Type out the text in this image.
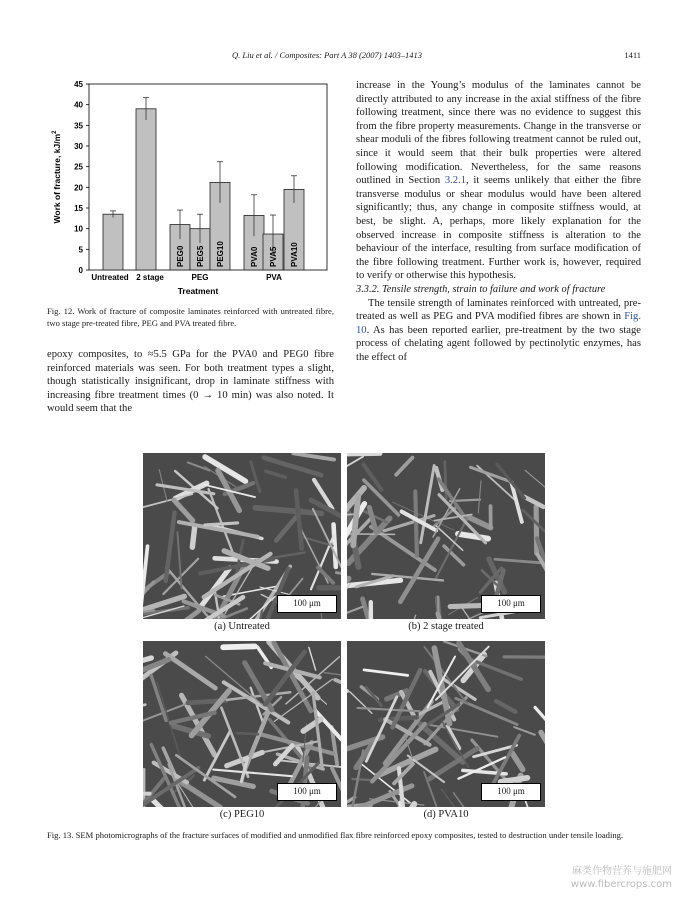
Q. Liu et al. / Composites: Part A 38 (2007) 1403–1413	1411
0
5
10
15
20
25
30
35
40
45
Work of fracture, $kJ/m^2$
PEG0 PEG5 PEG10	PVA0 PVA5 PVA10
Untreated 2 stage	PEG	PVA
Treatment
Fig. 12. Work of fracture of composite laminates reinforced with untreated fibre, two stage pre-treated fibre, PEG and PVA treated fibre.

epoxy composites, to ≈5.5 GPa for the PVA0 and PEG0 fibre reinforced materials was seen. For both treatment types a slight, though statistically insignificant, drop in laminate stiffness with increasing fibre treatment times (0 → 10 min) was also noted. It would seem that the

increase in the Young’s modulus of the laminates cannot be directly attributed to any increase in the axial stiffness of the fibre following treatment, since there was no evidence to suggest this from the fibre property measurements. Change in the transverse or shear moduli of the fibres following treatment cannot be ruled out, since it would seem that their bulk properties were altered following modification. Nevertheless, for the same reasons outlined in Section 3.2.1, it seems unlikely that either the fibre transverse modulus or shear modulus would have been altered significantly; thus, any change in composite stiffness would, at best, be slight. A, perhaps, more likely explanation for the observed increase in composite stiffness is alteration to the behaviour of the interface, resulting from surface modification of the fibre following treatment. Further work is, however, required to verify or otherwise this hypothesis.

3.3.2. Tensile strength, strain to failure and work of fracture

The tensile strength of laminates reinforced with untreated, pre-treated as well as PEG and PVA modified fibres are shown in Fig. 10. As has been reported earlier, pre-treatment by the two stage process of chelating agent followed by pectinolytic enzymes, has the effect of

100 μm
(a) Untreated
100 μm
(b) 2 stage treated
100 μm
(c) PEG10
100 μm
(d) PVA10
Fig. 13. SEM photomicrographs of the fracture surfaces of modified and unmodified flax fibre reinforced epoxy composites, tested to destruction under tensile loading.
麻类作物营养与施肥网
www.fibercrops.com
